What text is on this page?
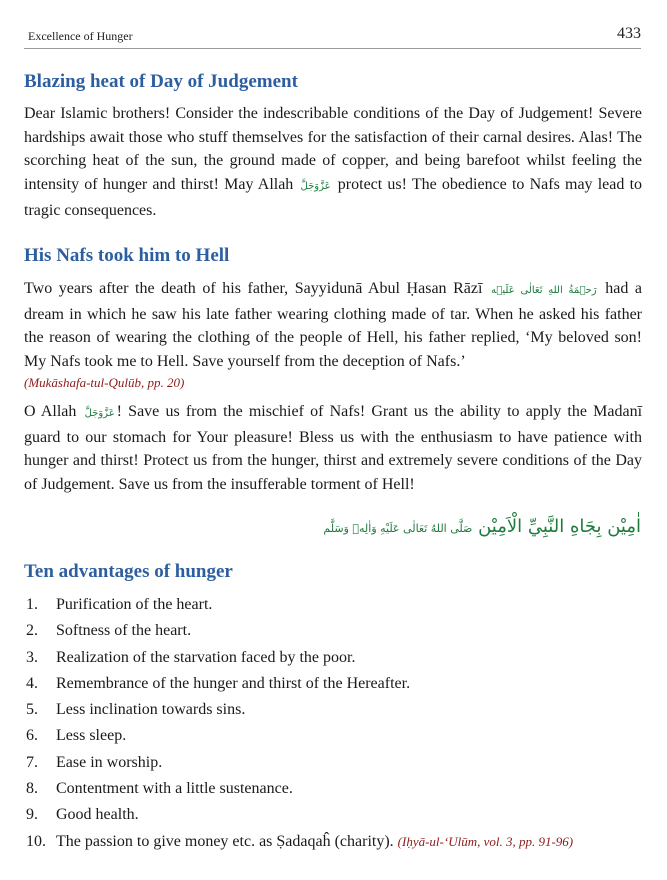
Excellence of Hunger	433
Blazing heat of Day of Judgement

Dear Islamic brothers! Consider the indescribable conditions of the Day of Judgement! Severe hardships await those who stuff themselves for the satisfaction of their carnal desires. Alas! The scorching heat of the sun, the ground made of copper, and being barefoot whilst feeling the intensity of hunger and thirst! May Allah عَزَّوَجَلَّ protect us! The obedience to Nafs may lead to tragic consequences.

His Nafs took him to Hell

Two years after the death of his father, Sayyidunā Abul Ḥasan Rāzī رَحۡمَةُ اللهِ تَعَالٰی عَلَيۡه had a dream in which he saw his late father wearing clothing made of tar. When he asked his father the reason of wearing the clothing of the people of Hell, his father replied, ‘My beloved son! My Nafs took me to Hell. Save yourself from the deception of Nafs.’

(Mukāshafa-tul-Qulūb, pp. 20)

O Allah عَزَّوَجَلَّ ! Save us from the mischief of Nafs! Grant us the ability to apply the Madanī guard to our stomach for Your pleasure! Bless us with the enthusiasm to have patience with hunger and thirst! Protect us from the hunger, thirst and extremely severe conditions of the Day of Judgement. Save us from the insufferable torment of Hell!

اٰمِيْن بِجَاهِ النَّبِيِّ الْاَمِيْن صَلَّى اللهُ تَعَالٰی عَلَيْهِ وَاٰلِهٖ وَسَلَّم
Ten advantages of hunger
1. Purification of the heart.
2. Softness of the heart.
3. Realization of the starvation faced by the poor.
4. Remembrance of the hunger and thirst of the Hereafter.
5. Less inclination towards sins.
6. Less sleep.
7. Ease in worship.
8. Contentment with a little sustenance.
9. Good health.
10. The passion to give money etc. as Ṣadaqaĥ (charity). (Iḥyā-ul-‘Ulūm, vol. 3, pp. 91-96)
